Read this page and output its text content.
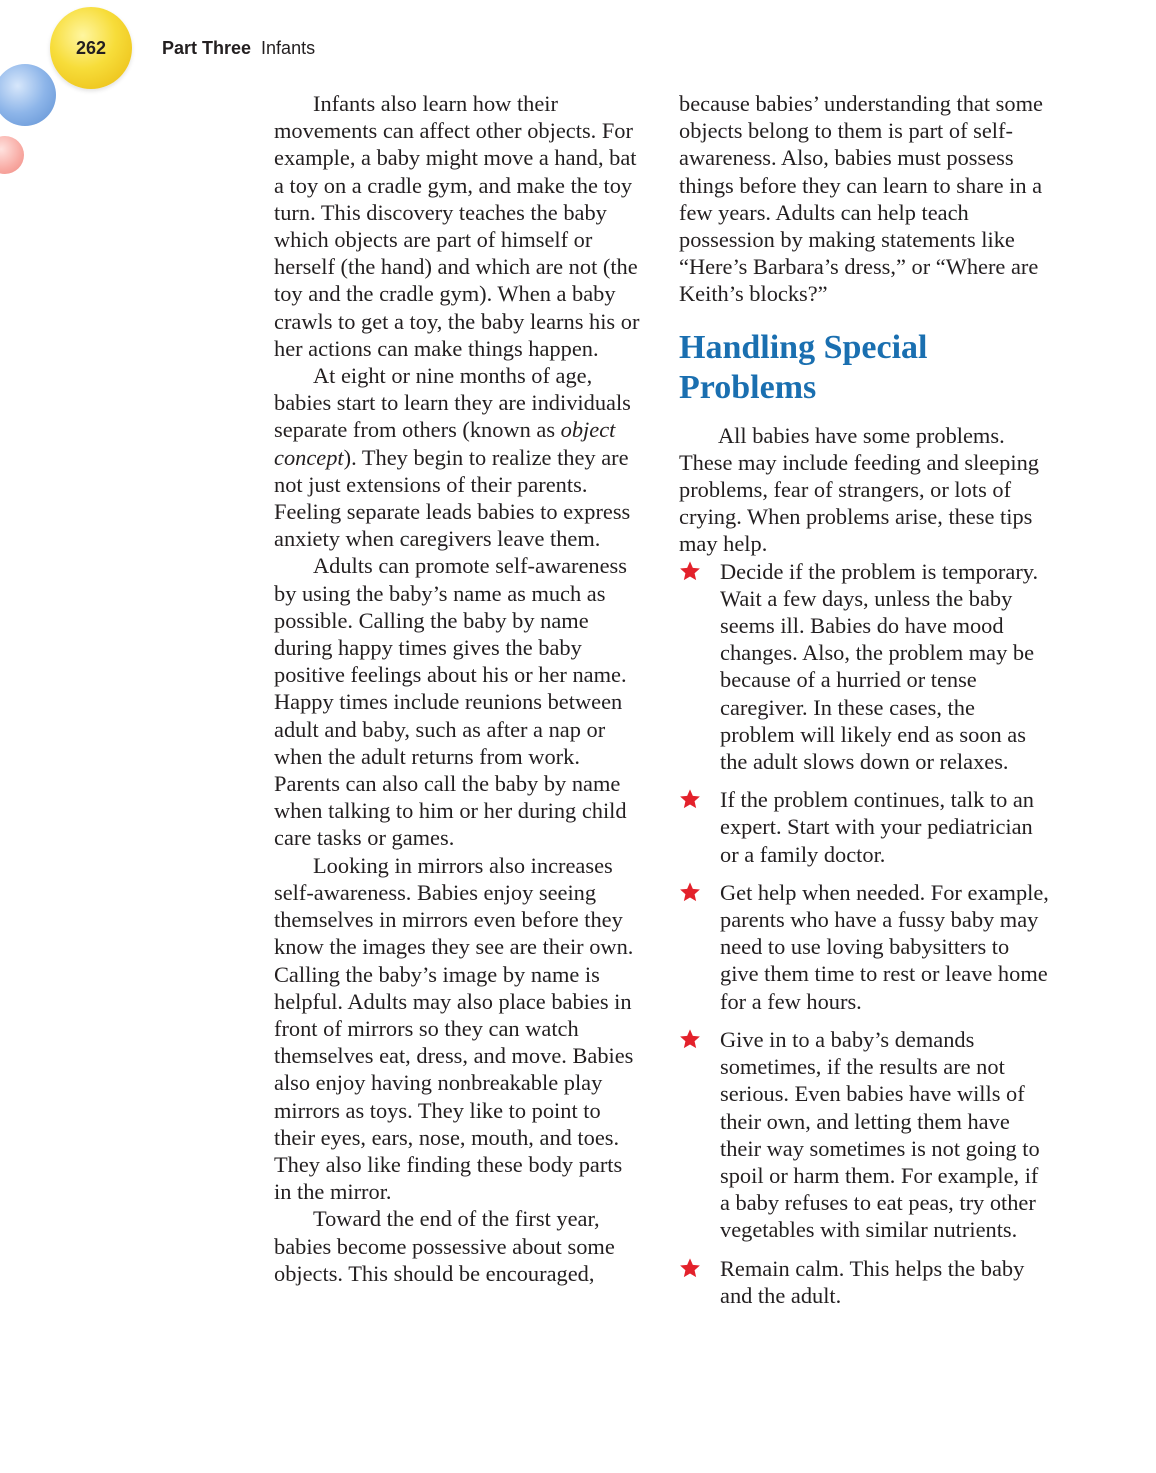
262	Part Three Infants

Infants also learn how their movements can affect other objects. For example, a baby might move a hand, bat a toy on a cradle gym, and make the toy turn. This discovery teaches the baby which objects are part of himself or herself (the hand) and which are not (the toy and the cradle gym). When a baby crawls to get a toy, the baby learns his or her actions can make things happen.

At eight or nine months of age, babies start to learn they are individuals separate from others (known as object concept). They begin to realize they are not just extensions of their parents. Feeling separate leads babies to express anxiety when caregivers leave them.

Adults can promote self-awareness by using the baby’s name as much as possible. Calling the baby by name during happy times gives the baby positive feelings about his or her name. Happy times include reunions between adult and baby, such as after a nap or when the adult returns from work. Parents can also call the baby by name when talking to him or her during child care tasks or games.

Looking in mirrors also increases self-awareness. Babies enjoy seeing themselves in mirrors even before they know the images they see are their own. Calling the baby’s image by name is helpful. Adults may also place babies in front of mirrors so they can watch themselves eat, dress, and move. Babies also enjoy having nonbreakable play mirrors as toys. They like to point to their eyes, ears, nose, mouth, and toes. They also like finding these body parts in the mirror.

Toward the end of the first year, babies become possessive about some objects. This should be encouraged,

because babies’ understanding that some objects belong to them is part of self-awareness. Also, babies must possess things before they can learn to share in a few years. Adults can help teach possession by making statements like “Here’s Barbara’s dress,” or “Where are Keith’s blocks?”

Handling Special Problems

All babies have some problems. These may include feeding and sleeping problems, fear of strangers, or lots of crying. When problems arise, these tips may help.

Decide if the problem is temporary. Wait a few days, unless the baby seems ill. Babies do have mood changes. Also, the problem may be because of a hurried or tense caregiver. In these cases, the problem will likely end as soon as the adult slows down or relaxes.
If the problem continues, talk to an expert. Start with your pediatrician or a family doctor.
Get help when needed. For example, parents who have a fussy baby may need to use loving babysitters to give them time to rest or leave home for a few hours.
Give in to a baby’s demands sometimes, if the results are not serious. Even babies have wills of their own, and letting them have their way sometimes is not going to spoil or harm them. For example, if a baby refuses to eat peas, try other vegetables with similar nutrients.
Remain calm. This helps the baby and the adult.
